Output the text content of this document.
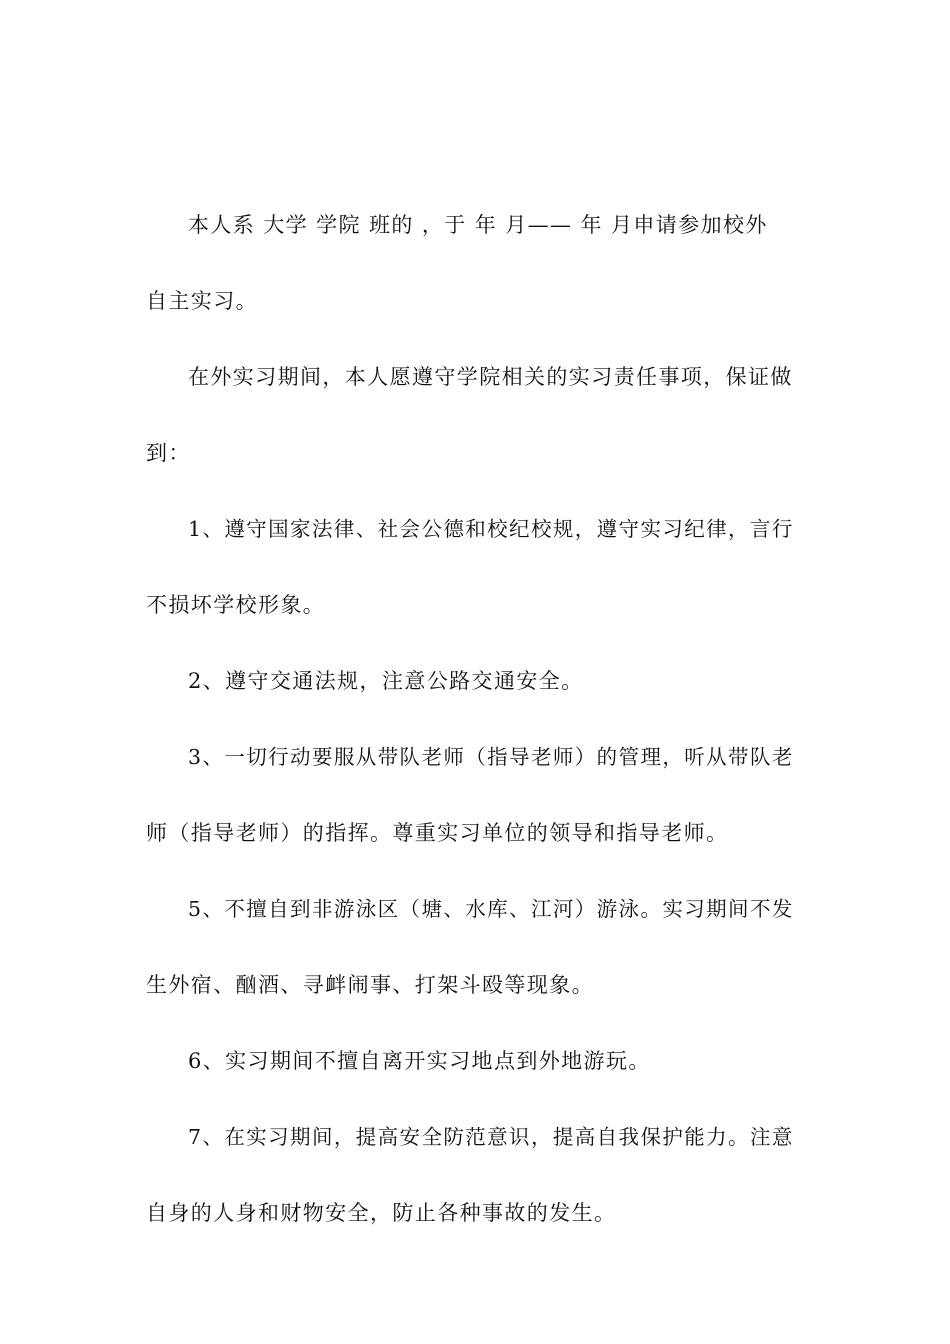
本人系 大学 学院 班的 ，于 年 月—— 年 月申请参加校外
自主实习。
在外实习期间，本人愿遵守学院相关的实习责任事项，保证做
到：
1、遵守国家法律、社会公德和校纪校规，遵守实习纪律，言行
不损坏学校形象。
2、遵守交通法规，注意公路交通安全。
3、一切行动要服从带队老师（指导老师）的管理，听从带队老
师（指导老师）的指挥。尊重实习单位的领导和指导老师。
5、不擅自到非游泳区（塘、水库、江河）游泳。实习期间不发
生外宿、酗酒、寻衅闹事、打架斗殴等现象。
6、实习期间不擅自离开实习地点到外地游玩。
7、在实习期间，提高安全防范意识，提高自我保护能力。注意
自身的人身和财物安全，防止各种事故的发生。
